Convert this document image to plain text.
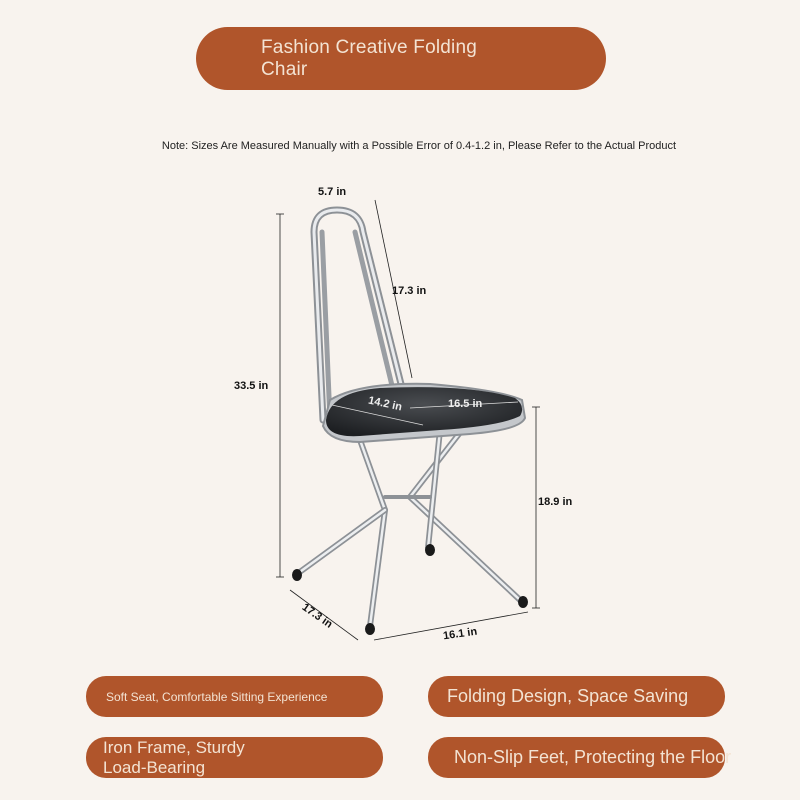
Fashion Creative Folding Chair
Note: Sizes Are Measured Manually with a Possible Error of 0.4-1.2 in, Please Refer to the Actual Product
5.7 in
17.3 in
33.5 in
14.2 in	16.5 in
18.9 in
17.3 in
16.1 in
Soft Seat, Comfortable Sitting Experience	Folding Design, Space Saving
Iron Frame, Sturdy Load-Bearing	Non-Slip Feet, Protecting the Floor
